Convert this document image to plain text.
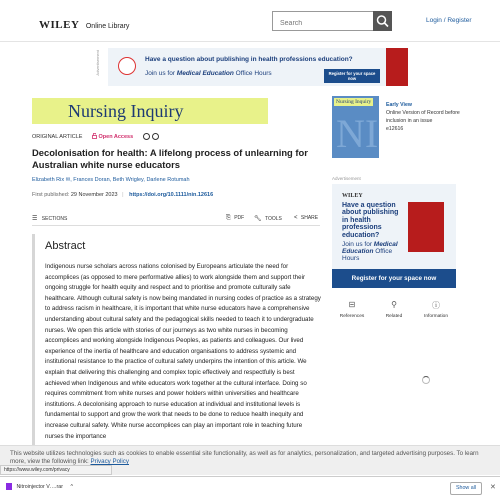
WILEY Online Library
Search
Login / Register
Advertisement	Have a question about publishing in health professions education?
Join us for Medical Education Office Hours	Register for your space now
Nursing Inquiry
ORIGINAL ARTICLE	Open Access
Decolonisation for health: A lifelong process of unlearning for Australian white nurse educators
Elizabeth Rix ✉, Frances Doran, Beth Wrigley, Darlene Rotumah
First published: 29 November 2023 | https://doi.org/10.1111/nin.12616
☰ SECTIONS	⎘ PDF 🔧︎ TOOLS < SHARE
Abstract
Indigenous nurse scholars across nations colonised by Europeans articulate the need for accomplices (as opposed to mere performative allies) to work alongside them and support their ongoing struggle for health equity and respect and to prioritise and promote culturally safe healthcare. Although cultural safety is now being mandated in nursing codes of practice as a strategy to address racism in healthcare, it is important that white nurse educators have a comprehensive understanding about cultural safety and the pedagogical skills needed to teach it to undergraduate nurses. We open this article with stories of our journeys as two white nurses in becoming accomplices and working alongside Indigenous Peoples, as patients and colleagues. Our lived experience of the inertia of healthcare and education organisations to address systemic and institutional resistance to the practice of cultural safety underpins the intention of this article. We explain that delivering this challenging and complex topic effectively and respectfully is best achieved when Indigenous and white educators work together at the cultural interface. Doing so requires commitment from white nurses and power holders within universities and healthcare institutions. A decolonising approach to nurse education at individual and institutional levels is fundamental to support and grow the work that needs to be done to reduce health inequity and increase cultural safety. White nurse accomplices can play an important role in teaching future nurses the importance
Nursing Inquiry
NI
Early View
Online Version of Record before inclusion in an issue
e12616
Advertisement
WILEY
Have a question about publishing in health professions education?
Join us for Medical Education Office Hours
Register for your space now
⊟
References
⚲
Related
ⓘ
Information
This website utilizes technologies such as cookies to enable essential site functionality, as well as for analytics, personalization, and targeted advertising purposes. To learn more, view the following link: Privacy Policy
https://www.wiley.com/privacy
Nitroinjector V….rar ^	Show all	✕
